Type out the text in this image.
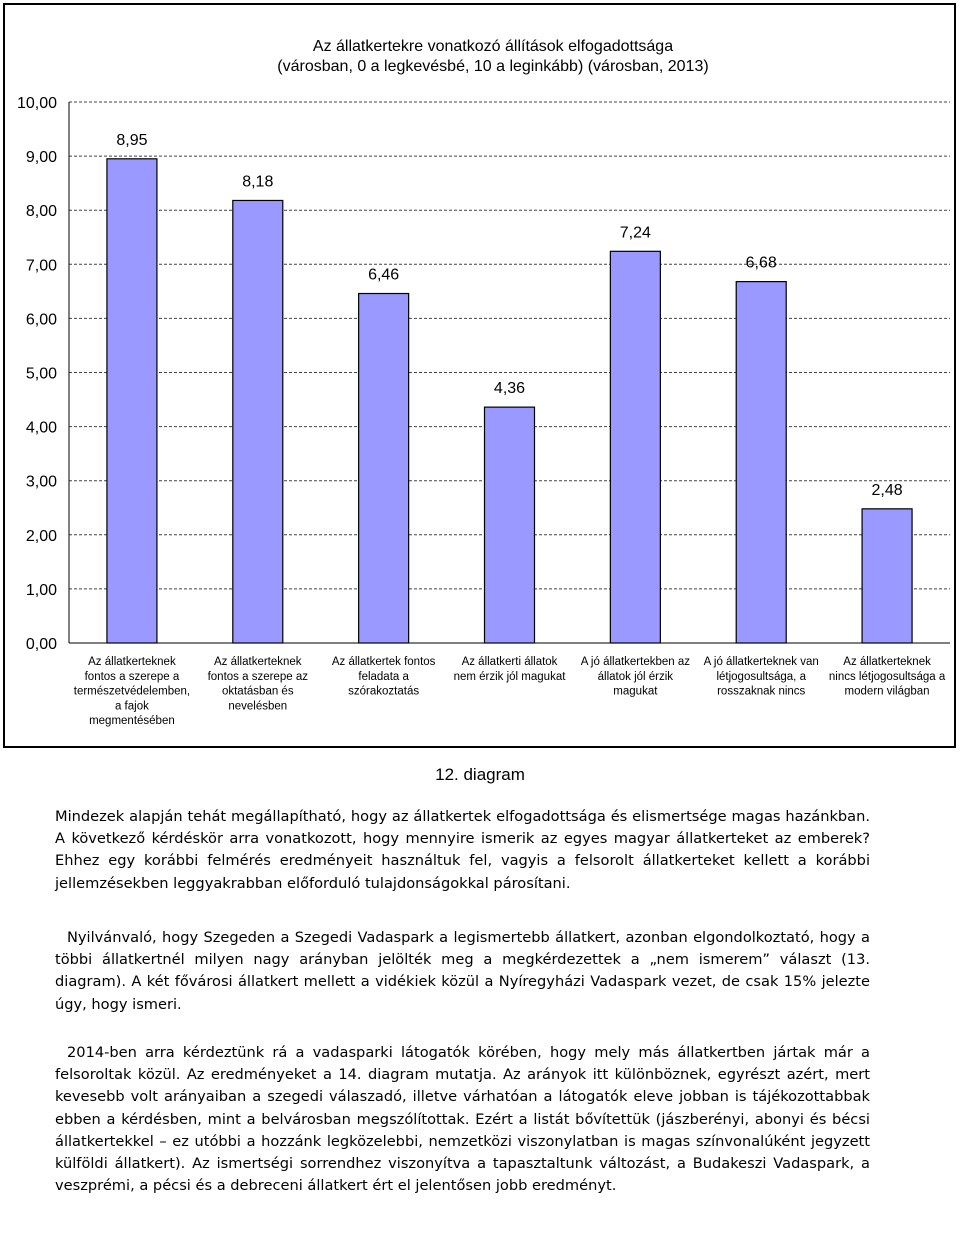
Az állatkertekre vonatkozó állítások elfogadottsága
(városban, 0 a legkevésbé, 10 a leginkább) (városban, 2013)
0,00
1,00
2,00
3,00
4,00
5,00
6,00
7,00
8,00
9,00
10,00
8,95
Az állatkerteknek fontos a szerepe a természetvédelemben, a fajok megmentésében
8,18
Az állatkerteknek fontos a szerepe az oktatásban és nevelésben
6,46
Az állatkertek fontos feladata a szórakoztatás
4,36
Az állatkerti állatok nem érzik jól magukat
7,24
A jó állatkertekben az állatok jól érzik magukat
6,68
A jó állatkerteknek van létjogosultsága, a rosszaknak nincs
2,48
Az állatkerteknek nincs létjogosultsága a modern világban
12. diagram

Mindezek alapján tehát megállapítható, hogy az állatkertek elfogadottsága és elismertsége magas hazánkban. A következő kérdéskör arra vonatkozott, hogy mennyire ismerik az egyes magyar állatkerteket az emberek? Ehhez egy korábbi felmérés eredményeit használtuk fel, vagyis a felsorolt állatkerteket kellett a korábbi jellemzésekben leggyakrabban előforduló tulajdonságokkal párosítani.

Nyilvánvaló, hogy Szegeden a Szegedi Vadaspark a legismertebb állatkert, azonban elgondolkoztató, hogy a többi állatkertnél milyen nagy arányban jelölték meg a megkérdezettek a „nem ismerem” választ (13. diagram). A két fővárosi állatkert mellett a vidékiek közül a Nyíregyházi Vadaspark vezet, de csak 15% jelezte úgy, hogy ismeri.

2014-ben arra kérdeztünk rá a vadasparki látogatók körében, hogy mely más állatkertben jártak már a felsoroltak közül. Az eredményeket a 14. diagram mutatja. Az arányok itt különböznek, egyrészt azért, mert kevesebb volt arányaiban a szegedi válaszadó, illetve várhatóan a látogatók eleve jobban is tájékozottabbak ebben a kérdésben, mint a belvárosban megszólítottak. Ezért a listát bővítettük (jászberényi, abonyi és bécsi állatkertekkel – ez utóbbi a hozzánk legközelebbi, nemzetközi viszonylatban is magas színvonalúként jegyzett külföldi állatkert). Az ismertségi sorrendhez viszonyítva a tapasztaltunk változást, a Budakeszi Vadaspark, a veszprémi, a pécsi és a debreceni állatkert ért el jelentősen jobb eredményt.
